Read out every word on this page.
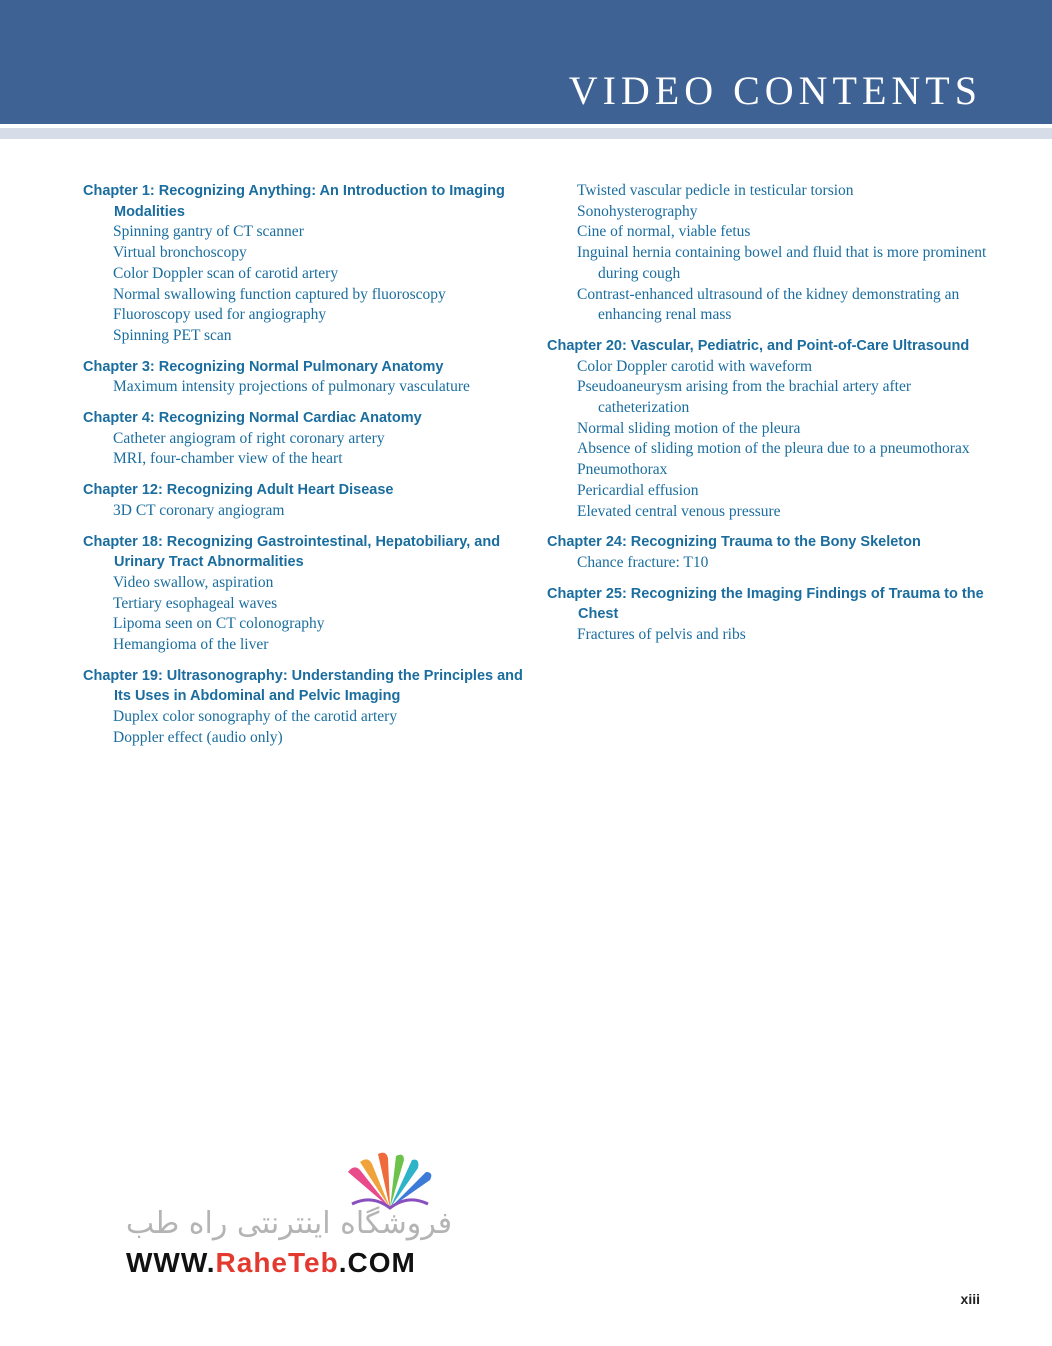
VIDEO CONTENTS
Chapter 1: Recognizing Anything: An Introduction to Imaging Modalities
Spinning gantry of CT scanner
Virtual bronchoscopy
Color Doppler scan of carotid artery
Normal swallowing function captured by fluoroscopy
Fluoroscopy used for angiography
Spinning PET scan
Chapter 3: Recognizing Normal Pulmonary Anatomy
Maximum intensity projections of pulmonary vasculature
Chapter 4: Recognizing Normal Cardiac Anatomy
Catheter angiogram of right coronary artery
MRI, four-chamber view of the heart
Chapter 12: Recognizing Adult Heart Disease
3D CT coronary angiogram
Chapter 18: Recognizing Gastrointestinal, Hepatobiliary, and Urinary Tract Abnormalities
Video swallow, aspiration
Tertiary esophageal waves
Lipoma seen on CT colonography
Hemangioma of the liver
Chapter 19: Ultrasonography: Understanding the Principles and Its Uses in Abdominal and Pelvic Imaging
Duplex color sonography of the carotid artery
Doppler effect (audio only)
Twisted vascular pedicle in testicular torsion
Sonohysterography
Cine of normal, viable fetus
Inguinal hernia containing bowel and fluid that is more prominent during cough
Contrast-enhanced ultrasound of the kidney demonstrating an enhancing renal mass
Chapter 20: Vascular, Pediatric, and Point-of-Care Ultrasound
Color Doppler carotid with waveform
Pseudoaneurysm arising from the brachial artery after catheterization
Normal sliding motion of the pleura
Absence of sliding motion of the pleura due to a pneumothorax
Pneumothorax
Pericardial effusion
Elevated central venous pressure
Chapter 24: Recognizing Trauma to the Bony Skeleton
Chance fracture: T10
Chapter 25: Recognizing the Imaging Findings of Trauma to the Chest
Fractures of pelvis and ribs
فروشگاه اینترنتی راه طب
WWW.RaheTeb.COM
xiii
